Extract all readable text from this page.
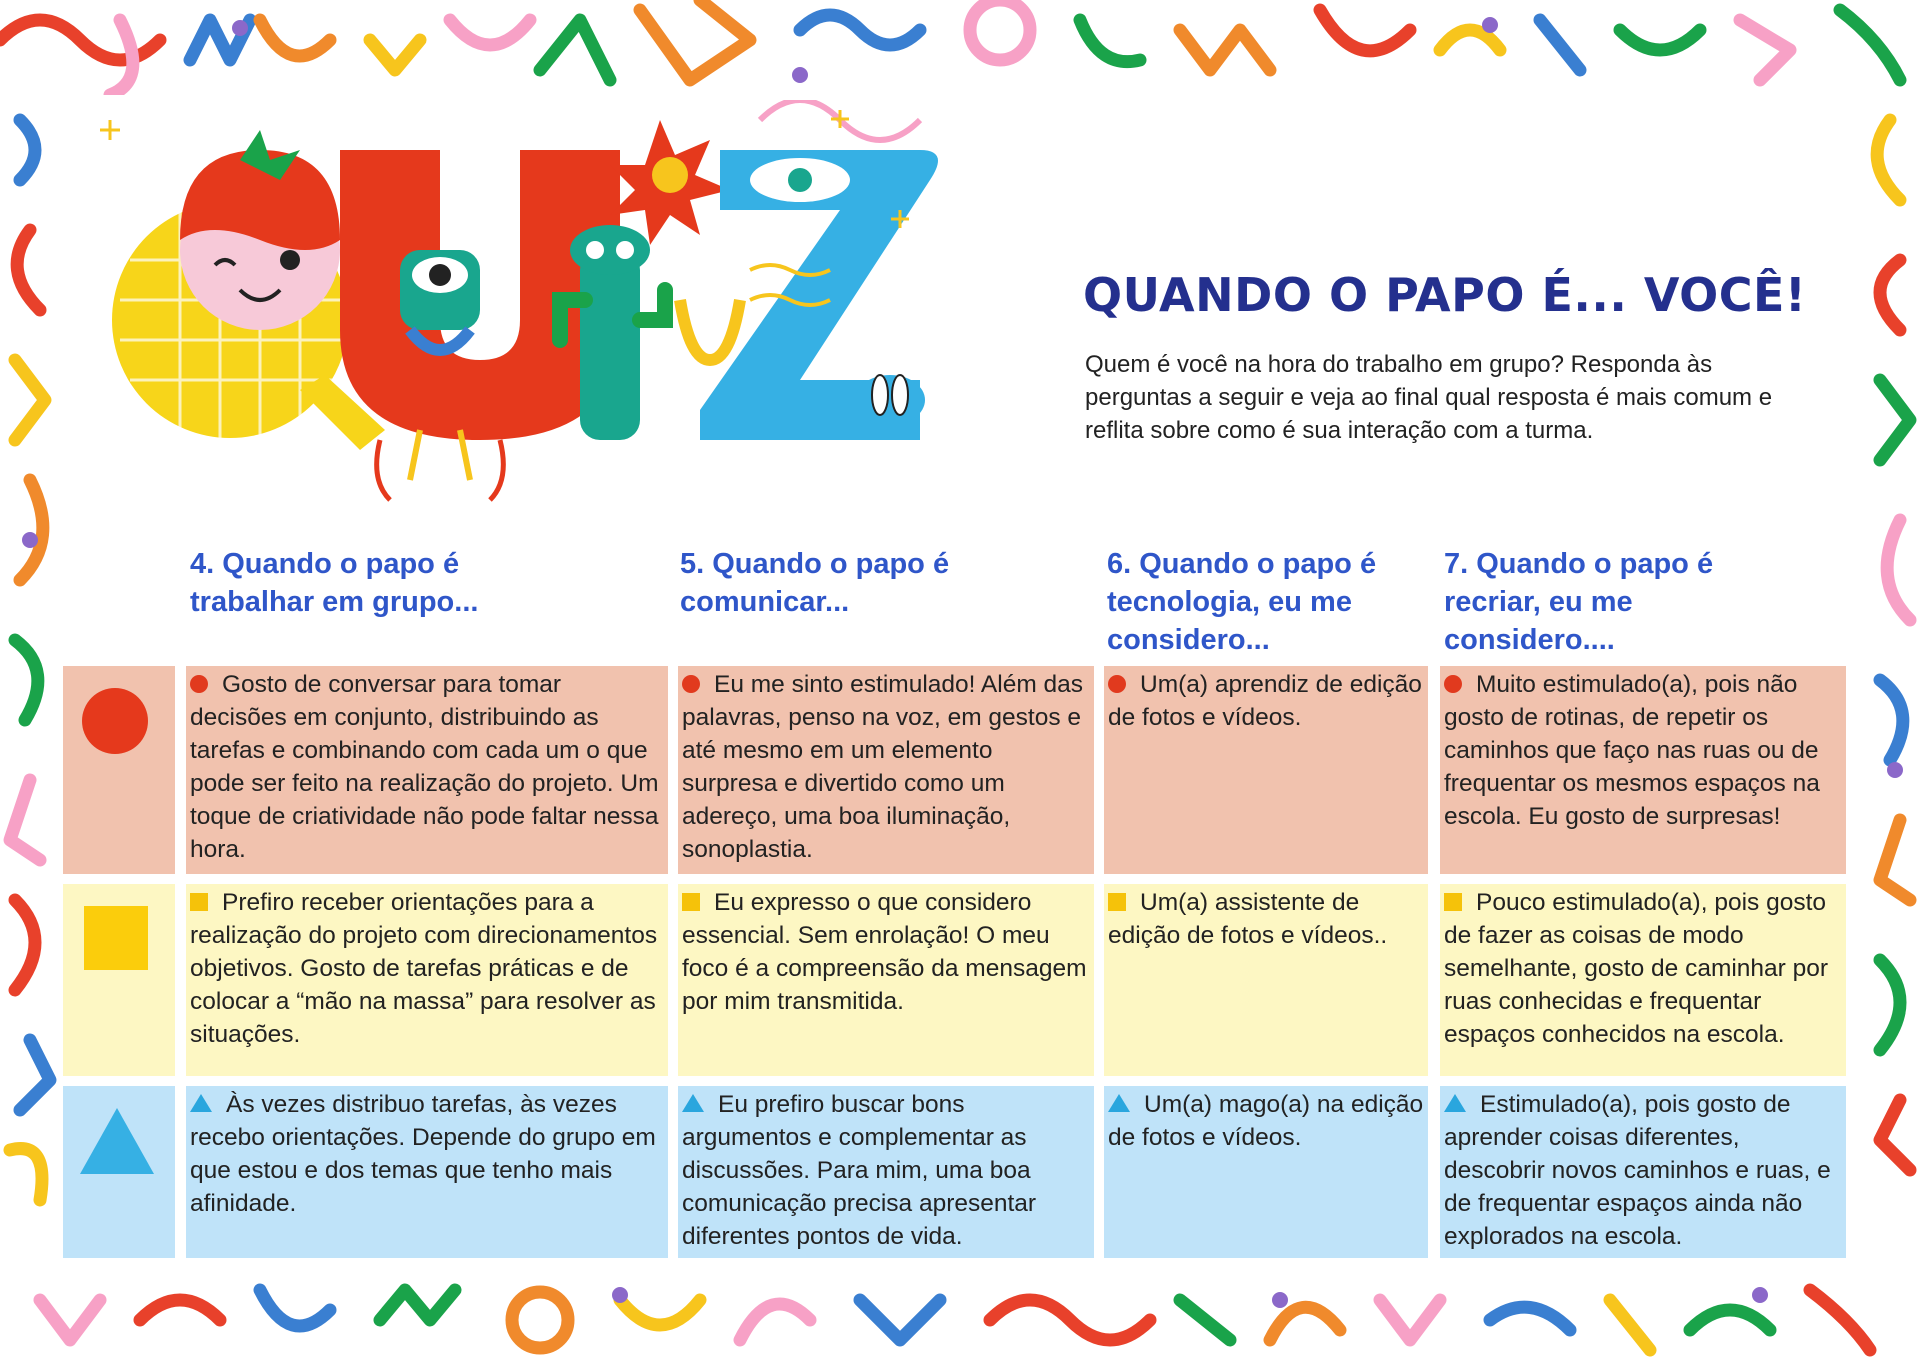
QUANDO O PAPO É... VOCÊ!
Quem é você na hora do trabalho em grupo? Responda às perguntas a seguir e veja ao final qual resposta é mais comum e reflita sobre como é sua interação com a turma.
4. Quando o papo é trabalhar em grupo...
5. Quando o papo é comunicar...
6. Quando o papo é tecnologia, eu me considero...
7. Quando o papo é recriar, eu me considero....
Gosto de conversar para tomar decisões em conjunto, distribuindo as tarefas e combinando com cada um o que pode ser feito na realização do projeto. Um toque de criatividade não pode faltar nessa hora.
Eu me sinto estimulado! Além das palavras, penso na voz, em gestos e até mesmo em um elemento surpresa e divertido como um adereço, uma boa iluminação, sonoplastia.
Um(a) aprendiz de edição de fotos e vídeos.
Muito estimulado(a), pois não gosto de rotinas, de repetir os caminhos que faço nas ruas ou de frequentar os mesmos espaços na escola. Eu gosto de surpresas!
Prefiro receber orientações para a realização do projeto com direcionamentos objetivos. Gosto de tarefas práticas e de colocar a “mão na massa” para resolver as situações.
Eu expresso o que considero essencial. Sem enrolação! O meu foco é a compreensão da mensagem por mim transmitida.
Um(a) assistente de edição de fotos e vídeos..
Pouco estimulado(a), pois gosto de fazer as coisas de modo semelhante, gosto de caminhar por ruas conhecidas e frequentar espaços conhecidos na escola.
Às vezes distribuo tarefas, às vezes recebo orientações. Depende do grupo em que estou e dos temas que tenho mais afinidade.
Eu prefiro buscar bons argumentos e complementar as discussões. Para mim, uma boa comunicação precisa apresentar diferentes pontos de vida.
Um(a) mago(a) na edição de fotos e vídeos.
Estimulado(a), pois gosto de aprender coisas diferentes, descobrir novos caminhos e ruas, e de frequentar espaços ainda não explorados na escola.
